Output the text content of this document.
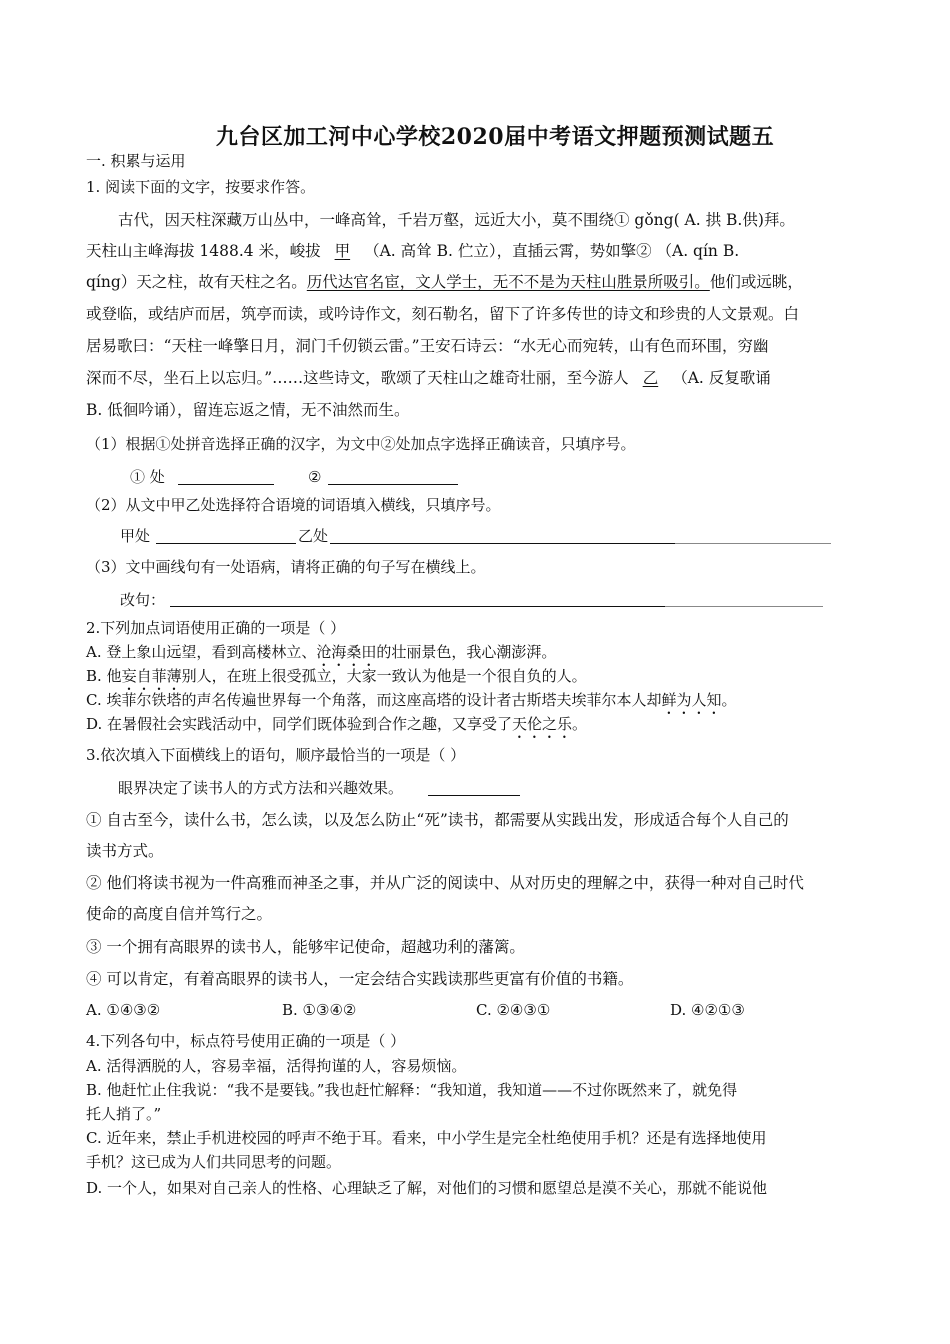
九台区加工河中心学校2020届中考语文押题预测试题五
一. 积累与运用
1. 阅读下面的文字，按要求作答。
古代，因天柱深藏万山丛中，一峰高耸，千岩万壑，远近大小，莫不围绕① gǒng( A. 拱 B.供)拜。
天柱山主峰海拔 1488.4 米，峻拔 甲 （A. 高耸 B. 伫立），直插云霄，势如擎② （A. qín B.
qíng）天之柱，故有天柱之名。历代达官名宦，文人学士，无不不是为天柱山胜景所吸引。他们或远眺，
或登临，或结庐而居，筑亭而读，或吟诗作文，刻石勒名，留下了许多传世的诗文和珍贵的人文景观。白
居易歌曰：“天柱一峰擎日月，洞门千仞锁云雷。”王安石诗云：“水无心而宛转，山有色而环围，穷幽
深而不尽，坐石上以忘归。”……这些诗文，歌颂了天柱山之雄奇壮丽，至今游人 乙 （A. 反复歌诵
B. 低徊吟诵），留连忘返之情，无不油然而生。
（1）根据①处拼音选择正确的汉字，为文中②处加点字选择正确读音，只填序号。
① 处	②
（2）从文中甲乙处选择符合语境的词语填入横线，只填序号。
甲处	乙处
（3）文中画线句有一处语病，请将正确的句子写在横线上。
改句：
2.下列加点词语使用正确的一项是（ ）
A. 登上象山远望，看到高楼林立、沧海桑田的壮丽景色，我心潮澎湃。
B. 他妄自菲薄别人，在班上很受孤立，大家一致认为他是一个很自负的人。
C. 埃菲尔铁塔的声名传遍世界每一个角落，而这座高塔的设计者古斯塔夫埃菲尔本人却鲜为人知。
D. 在暑假社会实践活动中，同学们既体验到合作之趣，又享受了天伦之乐。
3.依次填入下面横线上的语句，顺序最恰当的一项是（ ）
眼界决定了读书人的方式方法和兴趣效果。
① 自古至今，读什么书，怎么读，以及怎么防止“死”读书，都需要从实践出发，形成适合每个人自己的
读书方式。
② 他们将读书视为一件高雅而神圣之事，并从广泛的阅读中、从对历史的理解之中，获得一种对自己时代
使命的高度自信并笃行之。
③ 一个拥有高眼界的读书人，能够牢记使命，超越功利的藩篱。
④ 可以肯定，有着高眼界的读书人，一定会结合实践读那些更富有价值的书籍。
A. ①④③②	B. ①③④②	C. ②④③①	D. ④②①③
4.下列各句中，标点符号使用正确的一项是（ ）
A. 活得洒脱的人，容易幸福，活得拘谨的人，容易烦恼。
B. 他赶忙止住我说：“我不是要钱。”我也赶忙解释：“我知道，我知道——不过你既然来了，就免得
托人捎了。”
C. 近年来，禁止手机进校园的呼声不绝于耳。看来，中小学生是完全杜绝使用手机？还是有选择地使用
手机？这已成为人们共同思考的问题。
D. 一个人，如果对自己亲人的性格、心理缺乏了解，对他们的习惯和愿望总是漠不关心，那就不能说他
